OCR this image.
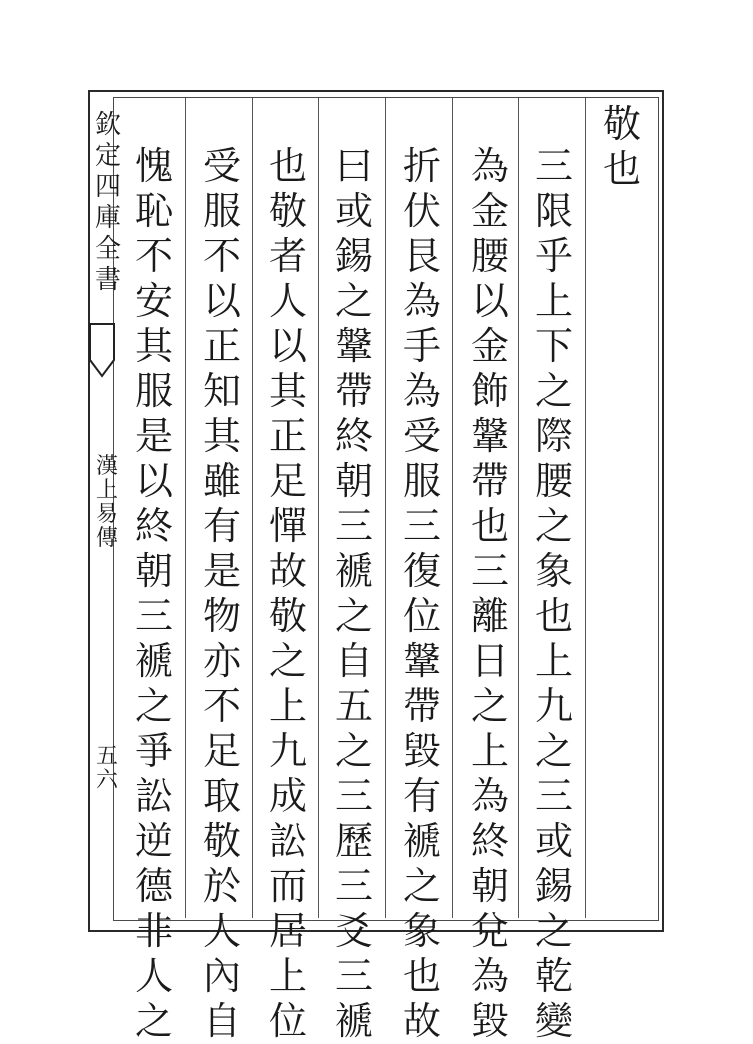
欽
定
四
庫
全
書
漢
上
易
傳
五
六
敬
也
三
限
乎
上
下
之
際
腰
之
象
也
上
九
之
三
或
錫
之
乾
變
為
金
腰
以
金
飾
鞶
帶
也
三
離
日
之
上
為
終
朝
兌
為
毀
折
伏
艮
為
手
為
受
服
三
復
位
鞶
帶
毀
有
褫
之
象
也
故
曰
或
錫
之
鞶
帶
終
朝
三
褫
之
自
五
之
三
歷
三
爻
三
褫
也
敬
者
人
以
其
正
足
憚
故
敬
之
上
九
成
訟
而
居
上
位
受
服
不
以
正
知
其
雖
有
是
物
亦
不
足
取
敬
於
人
內
自
愧
恥
不
安
其
服
是
以
終
朝
三
褫
之
爭
訟
逆
德
非
人
之
